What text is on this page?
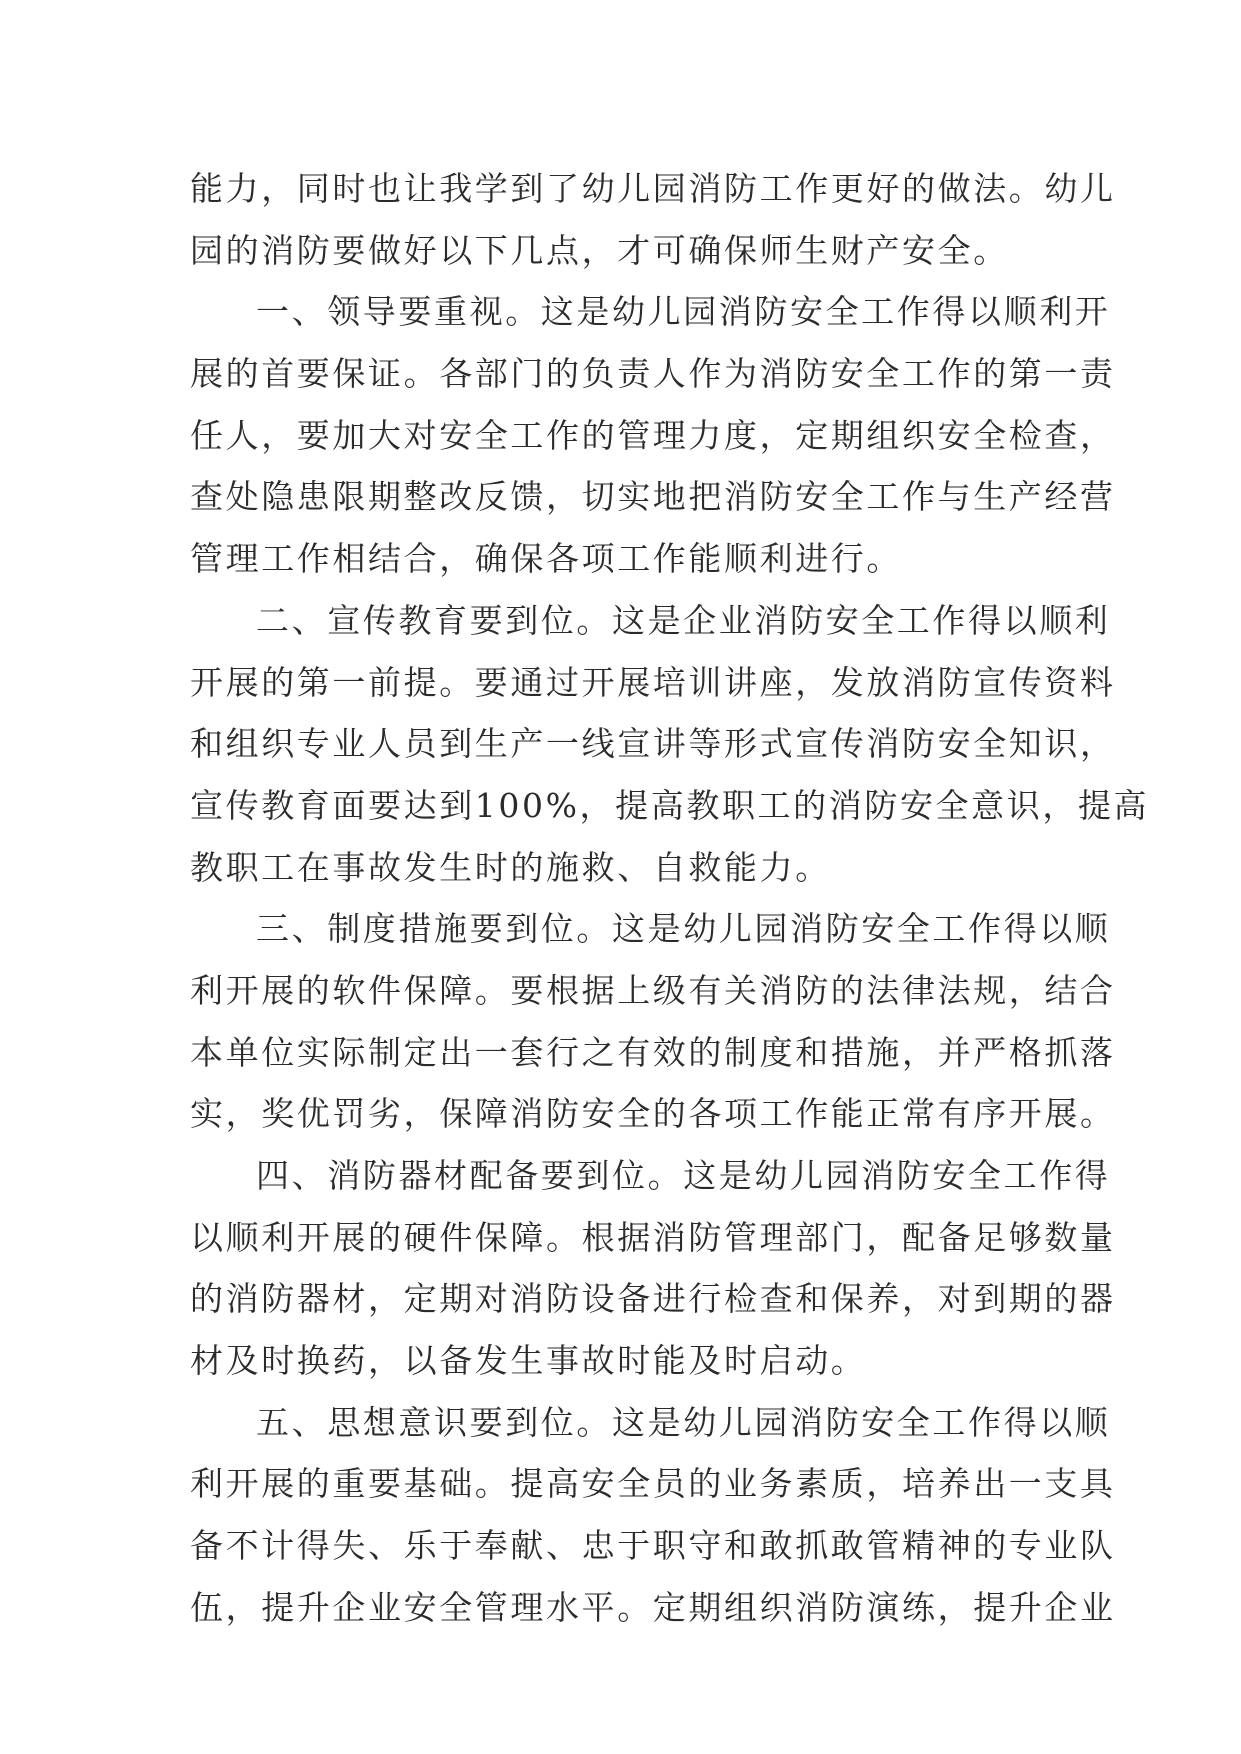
能力，同时也让我学到了幼儿园消防工作更好的做法。幼儿
园的消防要做好以下几点，才可确保师生财产安全。
一、领导要重视。这是幼儿园消防安全工作得以顺利开
展的首要保证。各部门的负责人作为消防安全工作的第一责
任人，要加大对安全工作的管理力度，定期组织安全检查，
查处隐患限期整改反馈，切实地把消防安全工作与生产经营
管理工作相结合，确保各项工作能顺利进行。
二、宣传教育要到位。这是企业消防安全工作得以顺利
开展的第一前提。要通过开展培训讲座，发放消防宣传资料
和组织专业人员到生产一线宣讲等形式宣传消防安全知识，
宣传教育面要达到100%，提高教职工的消防安全意识，提高
教职工在事故发生时的施救、自救能力。
三、制度措施要到位。这是幼儿园消防安全工作得以顺
利开展的软件保障。要根据上级有关消防的法律法规，结合
本单位实际制定出一套行之有效的制度和措施，并严格抓落
实，奖优罚劣，保障消防安全的各项工作能正常有序开展。
四、消防器材配备要到位。这是幼儿园消防安全工作得
以顺利开展的硬件保障。根据消防管理部门，配备足够数量
的消防器材，定期对消防设备进行检查和保养，对到期的器
材及时换药，以备发生事故时能及时启动。
五、思想意识要到位。这是幼儿园消防安全工作得以顺
利开展的重要基础。提高安全员的业务素质，培养出一支具
备不计得失、乐于奉献、忠于职守和敢抓敢管精神的专业队
伍，提升企业安全管理水平。定期组织消防演练，提升企业
